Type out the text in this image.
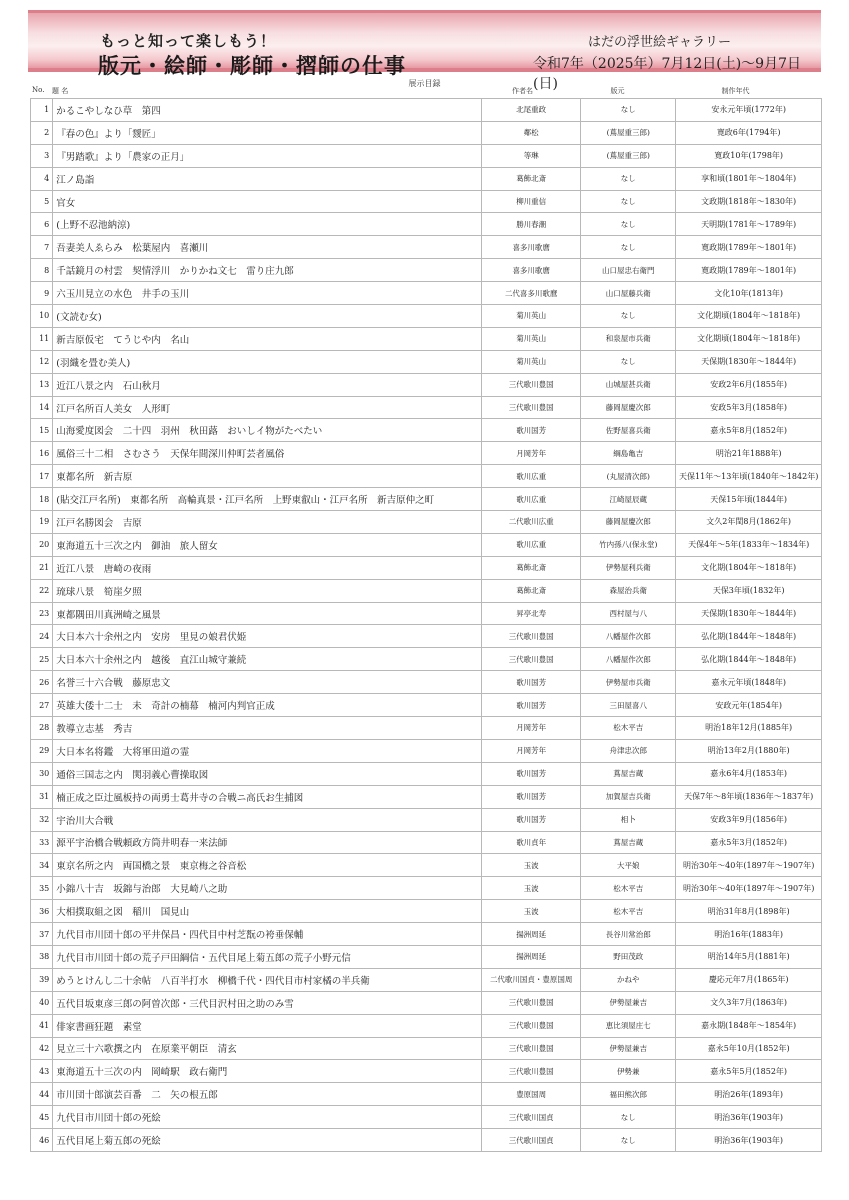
もっと知って楽しもう！
版元・絵師・彫師・摺師の仕事
はだの浮世絵ギャラリー
令和7年（2025年）7月12日(土)～9月7日(日)
展示目録
No. 題 名	作者名	版元	制作年代
1	かるこやしなひ草　第四	北尾重政	なし	安永元年頃(1772年)
2	『春の色』より「靉匠」	鄰松	(蔦屋重三郎)	寛政6年(1794年)
3	『男踏歌』より「農家の正月」	等琳	(蔦屋重三郎)	寛政10年(1798年)
4	江ノ島詣	葛飾北斎	なし	享和頃(1801年～1804年)
5	官女	柳川重信	なし	文政期(1818年～1830年)
6	(上野不忍池納涼)	勝川春潮	なし	天明期(1781年～1789年)
7	吾妻美人ゑらみ　松葉屋内　喜瀬川	喜多川歌麿	なし	寛政期(1789年～1801年)
8	千話鏡月の村雲　契情浮川　かりかね文七　雷り庄九郎	喜多川歌麿	山口屋忠右衛門	寛政期(1789年～1801年)
9	六玉川見立の水色　井手の玉川	二代喜多川歌麿	山口屋藤兵衛	文化10年(1813年)
10	(文読む女)	菊川英山	なし	文化期頃(1804年～1818年)
11	新吉原仮宅　てうじや内　名山	菊川英山	和泉屋市兵衛	文化期頃(1804年～1818年)
12	(羽織を畳む美人)	菊川英山	なし	天保期(1830年～1844年)
13	近江八景之内　石山秋月	三代歌川豊国	山城屋甚兵衛	安政2年6月(1855年)
14	江戸名所百人美女　人形町	三代歌川豊国	藤岡屋慶次郎	安政5年3月(1858年)
15	山海愛度図会　二十四　羽州　秋田蕗　おいしイ物がたべたい	歌川国芳	佐野屋喜兵衛	嘉永5年8月(1852年)
16	風俗三十二相　さむさう　天保年間深川仲町芸者風俗	月岡芳年	綱島亀吉	明治21年1888年)
17	東都名所　新吉原	歌川広重	(丸屋清次郎)	天保11年～13年頃(1840年～1842年)
18	(貼交江戸名所)　東都名所　高輪真景・江戸名所　上野東叡山・江戸名所　新吉原仲之町	歌川広重	江崎屋辰蔵	天保15年頃(1844年)
19	江戸名勝図会　吉原	二代歌川広重	藤岡屋慶次郎	文久2年閏8月(1862年)
20	東海道五十三次之内　御油　旅人留女	歌川広重	竹内孫八(保永堂)	天保4年～5年(1833年～1834年)
21	近江八景　唐崎の夜雨	葛飾北斎	伊勢屋利兵衛	文化期(1804年～1818年)
22	琉球八景　筍崖夕照	葛飾北斎	森屋治兵衛	天保3年頃(1832年)
23	東都隅田川真洲崎之風景	昇亭北寿	西村屋与八	天保期(1830年～1844年)
24	大日本六十余州之内　安房　里見の娘君伏姫	三代歌川豊国	八幡屋作次郎	弘化期(1844年～1848年)
25	大日本六十余州之内　越後　直江山城守兼続	三代歌川豊国	八幡屋作次郎	弘化期(1844年～1848年)
26	名誉三十六合戦　藤原忠文	歌川国芳	伊勢屋市兵衛	嘉永元年頃(1848年)
27	英雄大倭十二士　未　奇計の楠幕　楠河内判官正成	歌川国芳	三田屋喜八	安政元年(1854年)
28	教導立志基　秀吉	月岡芳年	松木平吉	明治18年12月(1885年)
29	大日本名将鑑　大将軍田道の霊	月岡芳年	舟津忠次郎	明治13年2月(1880年)
30	通俗三国志之内　関羽義心曹操取図	歌川国芳	蔦屋吉蔵	嘉永6年4月(1853年)
31	楠正成之臣辻風板持の両勇士葛井寺の合戦ニ高氏お生捕図	歌川国芳	加賀屋吉兵衛	天保7年～8年頃(1836年～1837年)
32	宇治川大合戦	歌川国芳	相卜	安政3年9月(1856年)
33	源平宇治橋合戦頼政方筒井明春一来法師	歌川貞年	蔦屋吉蔵	嘉永5年3月(1852年)
34	東京名所之内　両国橋之景　東京梅之谷音松	玉波	大平娘	明治30年～40年(1897年～1907年)
35	小錦八十吉　坂錦与治郎　大見崎八之助	玉波	松木平吉	明治30年～40年(1897年～1907年)
36	大相撲取組之図　稲川　国見山	玉波	松木平吉	明治31年8月(1898年)
37	九代目市川団十郎の平井保昌・四代目中村芝翫の袴垂保輔	揚洲周延	長谷川常治郎	明治16年(1883年)
38	九代目市川団十郎の荒子戸田綱信・五代目尾上菊五郎の荒子小野元信	揚洲周延	野田茂政	明治14年5月(1881年)
39	めうとけんし二十余帖　八百半打水　柳橋千代・四代目市村家橘の半兵衛	二代歌川国貞・豊原国周	かねや	慶応元年7月(1865年)
40	五代目坂東彦三郎の阿曽次郎・三代目沢村田之助のみ雪	三代歌川豊国	伊勢屋兼吉	文久3年7月(1863年)
41	俳家書画狂題　素堂	三代歌川豊国	恵比須屋庄七	嘉永期(1848年～1854年)
42	見立三十六歌撰之内　在原業平朝臣　清玄	三代歌川豊国	伊勢屋兼吉	嘉永5年10月(1852年)
43	東海道五十三次の内　岡崎駅　政右衛門	三代歌川豊国	伊勢兼	嘉永5年5月(1852年)
44	市川団十郎演芸百番　二　矢の根五郎	豊原国周	福田熊次郎	明治26年(1893年)
45	九代目市川団十郎の死絵	三代歌川国貞	なし	明治36年(1903年)
46	五代目尾上菊五郎の死絵	三代歌川国貞	なし	明治36年(1903年)
